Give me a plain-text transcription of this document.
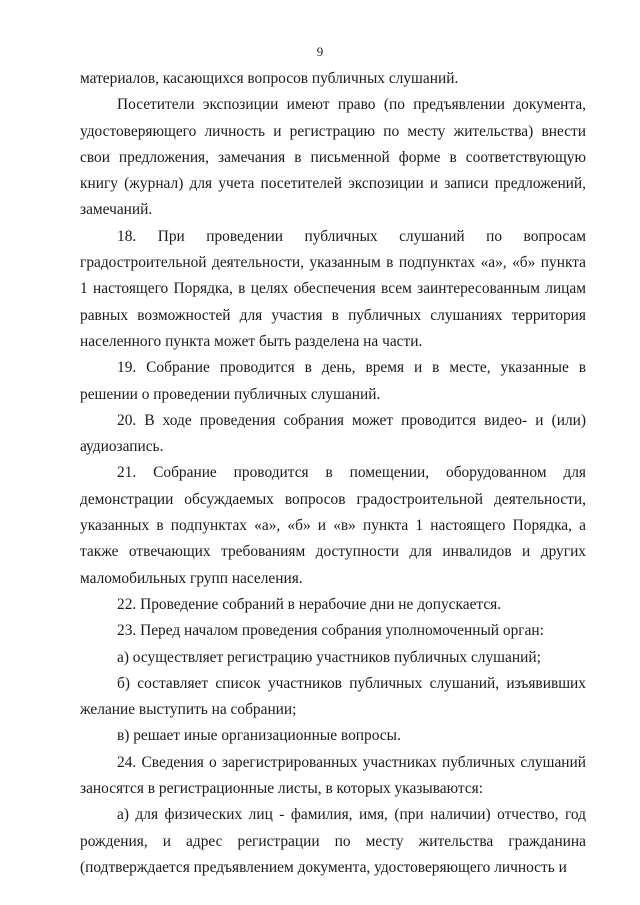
9

материалов, касающихся вопросов публичных слушаний.

Посетители экспозиции имеют право (по предъявлении документа, удостоверяющего личность и регистрацию по месту жительства) внести свои предложения, замечания в письменной форме в соответствующую книгу (журнал) для учета посетителей экспозиции и записи предложений, замечаний.

18. При проведении публичных слушаний по вопросам градостроительной деятельности, указанным в подпунктах «а», «б» пункта 1 настоящего Порядка, в целях обеспечения всем заинтересованным лицам равных возможностей для участия в публичных слушаниях территория населенного пункта может быть разделена на части.

19. Собрание проводится в день, время и в месте, указанные в решении о проведении публичных слушаний.

20. В ходе проведения собрания может проводится видео- и (или) аудиозапись.

21. Собрание проводится в помещении, оборудованном для демонстрации обсуждаемых вопросов градостроительной деятельности, указанных в подпунктах «а», «б» и «в» пункта 1 настоящего Порядка, а также отвечающих требованиям доступности для инвалидов и других маломобильных групп населения.

22. Проведение собраний в нерабочие дни не допускается.

23. Перед началом проведения собрания уполномоченный орган:

а) осуществляет регистрацию участников публичных слушаний;

б) составляет список участников публичных слушаний, изъявивших желание выступить на собрании;

в) решает иные организационные вопросы.

24. Сведения о зарегистрированных участниках публичных слушаний заносятся в регистрационные листы, в которых указываются:

а) для физических лиц - фамилия, имя, (при наличии) отчество, год рождения, и адрес регистрации по месту жительства гражданина (подтверждается предъявлением документа, удостоверяющего личность и
